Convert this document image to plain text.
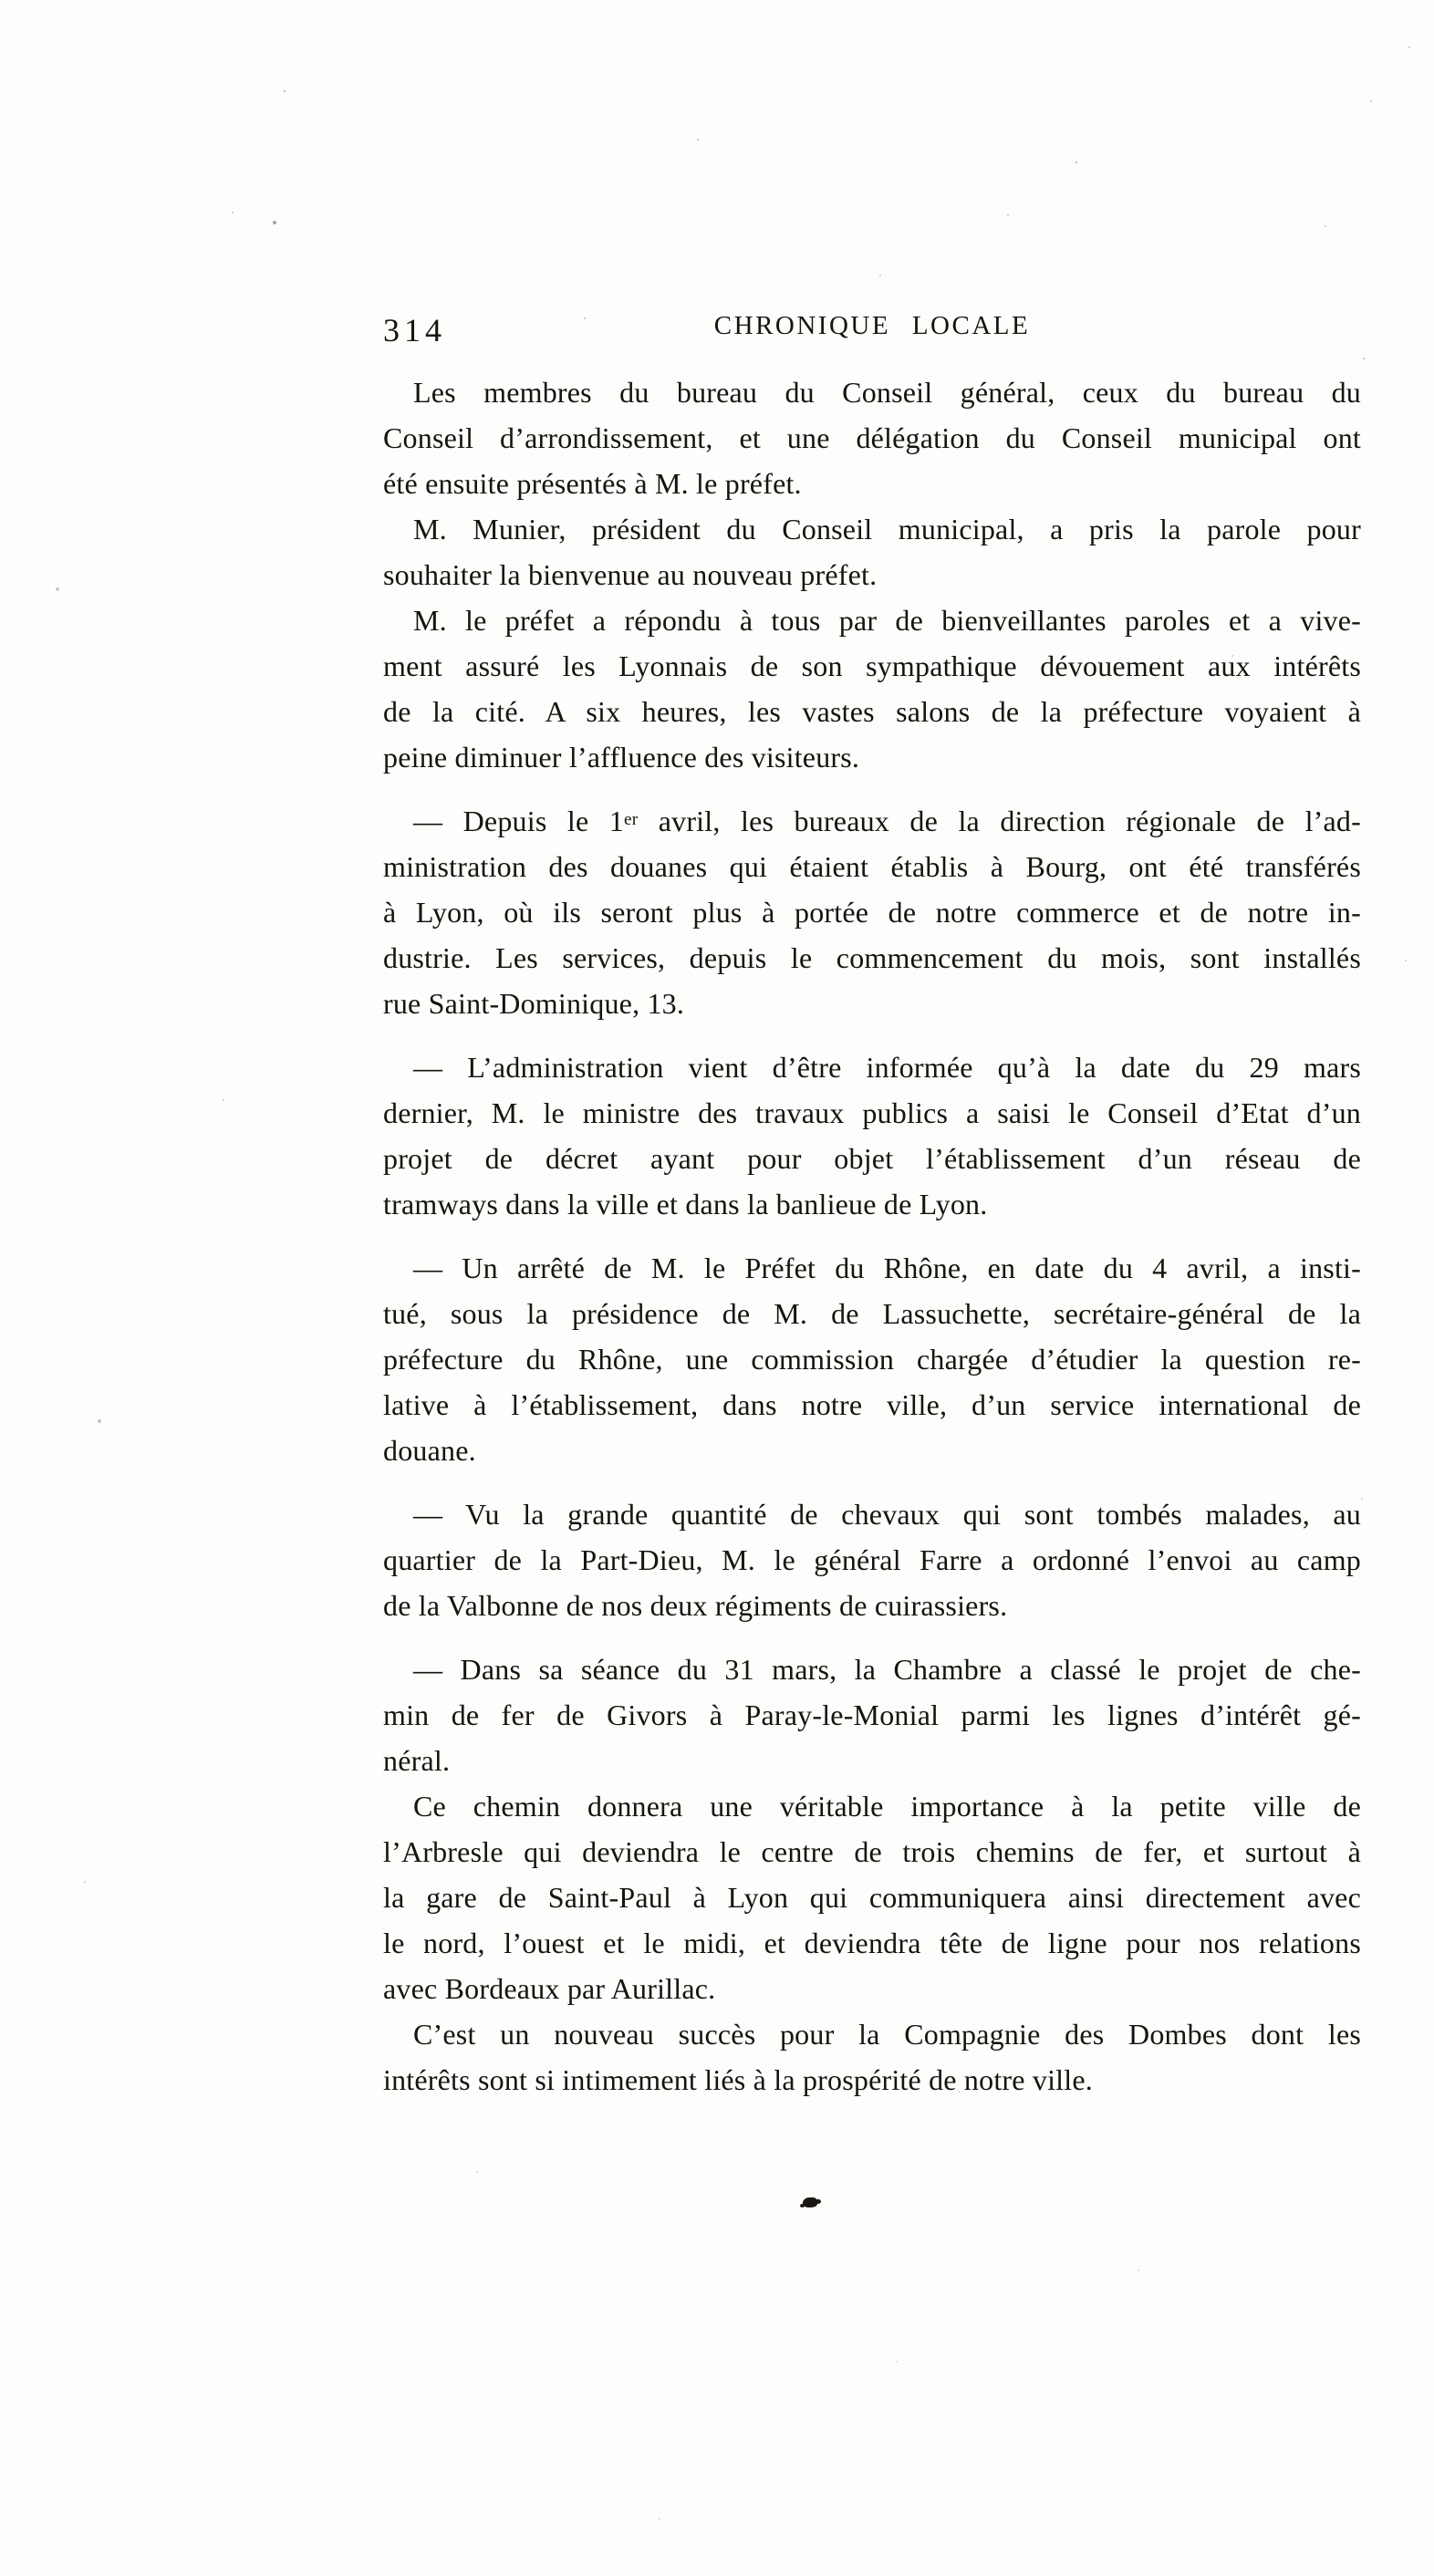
314	CHRONIQUE LOCALE
Les membres du bureau du Conseil général, ceux du bureau du
Conseil d’arrondissement, et une délégation du Conseil municipal ont
été ensuite présentés à M. le préfet.
M. Munier, président du Conseil municipal, a pris la parole pour
souhaiter la bienvenue au nouveau préfet.
M. le préfet a répondu à tous par de bienveillantes paroles et a vive-
ment assuré les Lyonnais de son sympathique dévouement aux intérêts
de la cité. A six heures, les vastes salons de la préfecture voyaient à
peine diminuer l’affluence des visiteurs.
— Depuis le 1er avril, les bureaux de la direction régionale de l’ad-
ministration des douanes qui étaient établis à Bourg, ont été transférés
à Lyon, où ils seront plus à portée de notre commerce et de notre in-
dustrie. Les services, depuis le commencement du mois, sont installés
rue Saint-Dominique, 13.
— L’administration vient d’être informée qu’à la date du 29 mars
dernier, M. le ministre des travaux publics a saisi le Conseil d’Etat d’un
projet de décret ayant pour objet l’établissement d’un réseau de
tramways dans la ville et dans la banlieue de Lyon.
— Un arrêté de M. le Préfet du Rhône, en date du 4 avril, a insti-
tué, sous la présidence de M. de Lassuchette, secrétaire-général de la
préfecture du Rhône, une commission chargée d’étudier la question re-
lative à l’établissement, dans notre ville, d’un service international de
douane.
— Vu la grande quantité de chevaux qui sont tombés malades, au
quartier de la Part-Dieu, M. le général Farre a ordonné l’envoi au camp
de la Valbonne de nos deux régiments de cuirassiers.
— Dans sa séance du 31 mars, la Chambre a classé le projet de che-
min de fer de Givors à Paray-le-Monial parmi les lignes d’intérêt gé-
néral.
Ce chemin donnera une véritable importance à la petite ville de
l’Arbresle qui deviendra le centre de trois chemins de fer, et surtout à
la gare de Saint-Paul à Lyon qui communiquera ainsi directement avec
le nord, l’ouest et le midi, et deviendra tête de ligne pour nos relations
avec Bordeaux par Aurillac.
C’est un nouveau succès pour la Compagnie des Dombes dont les
intérêts sont si intimement liés à la prospérité de notre ville.
